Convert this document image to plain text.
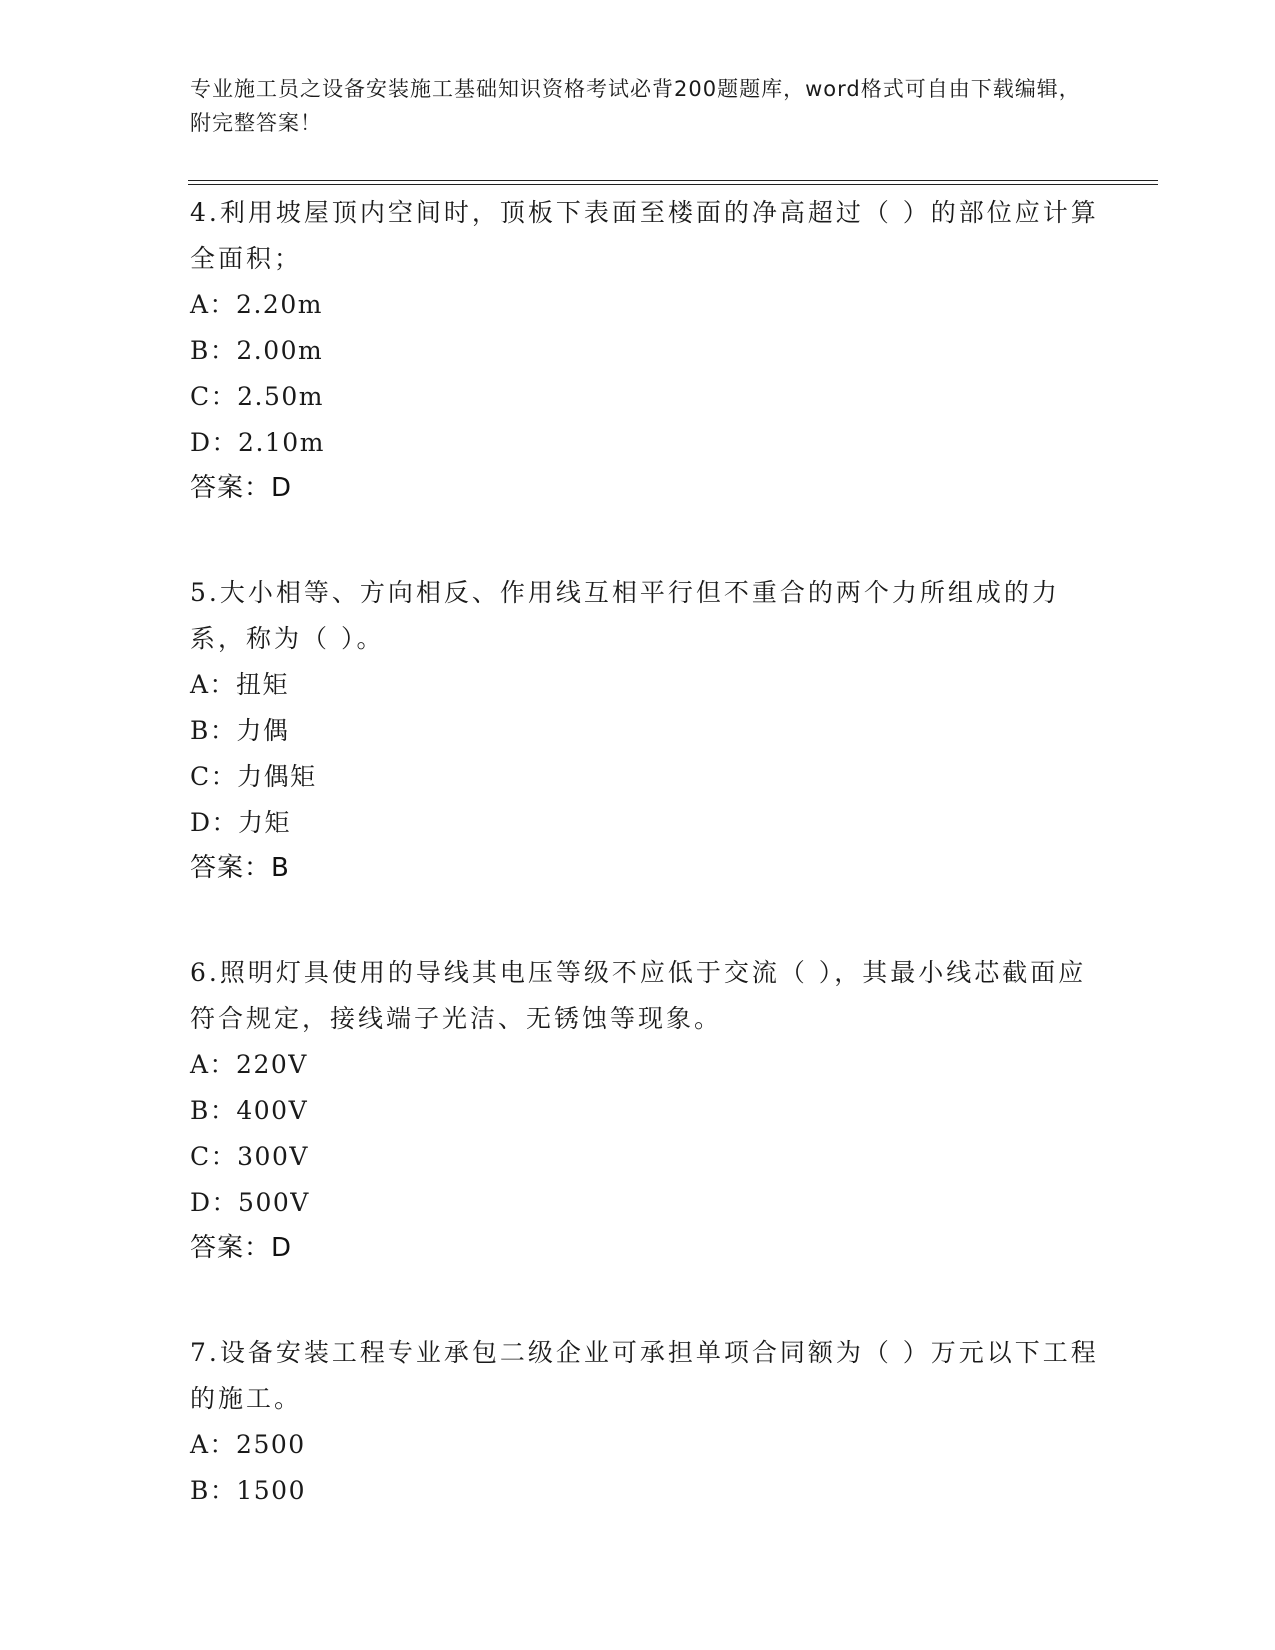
专业施工员之设备安装施工基础知识资格考试必背200题题库，word格式可自由下载编辑，附完整答案！

4.利用坡屋顶内空间时，顶板下表面至楼面的净高超过（ ）的部位应计算全面积；

A：2.20m

B：2.00m

C：2.50m

D：2.10m

答案：D

5.大小相等、方向相反、作用线互相平行但不重合的两个力所组成的力系，称为（ ）。

A：扭矩

B：力偶

C：力偶矩

D：力矩

答案：B

6.照明灯具使用的导线其电压等级不应低于交流（ ），其最小线芯截面应符合规定，接线端子光洁、无锈蚀等现象。

A：220V

B：400V

C：300V

D：500V

答案：D

7.设备安装工程专业承包二级企业可承担单项合同额为（ ）万元以下工程的施工。

A：2500

B：1500
